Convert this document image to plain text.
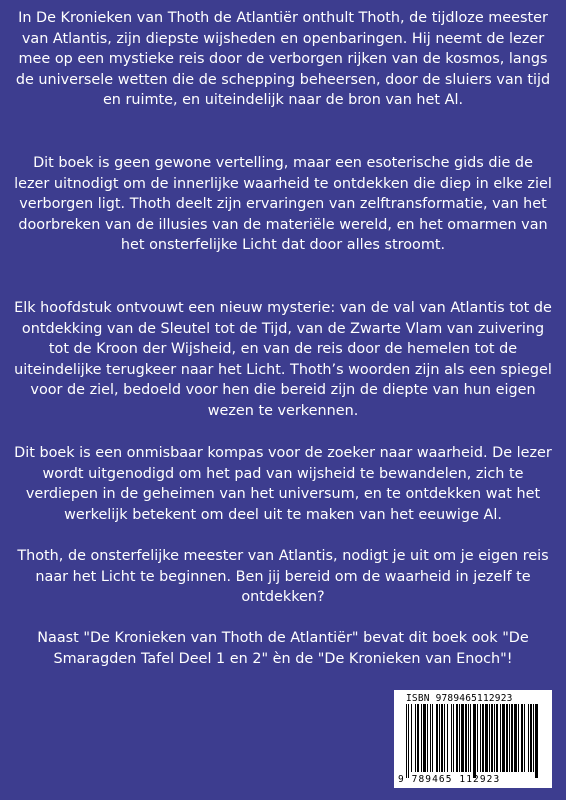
In De Kronieken van Thoth de Atlantiër onthult Thoth, de tijdloze meester van Atlantis, zijn diepste wijsheden en openbaringen. Hij neemt de lezer mee op een mystieke reis door de verborgen rijken van de kosmos, langs de universele wetten die de schepping beheersen, door de sluiers van tijd en ruimte, en uiteindelijk naar de bron van het Al.

Dit boek is geen gewone vertelling, maar een esoterische gids die de lezer uitnodigt om de innerlijke waarheid te ontdekken die diep in elke ziel verborgen ligt. Thoth deelt zijn ervaringen van zelftransformatie, van het doorbreken van de illusies van de materiële wereld, en het omarmen van het onsterfelijke Licht dat door alles stroomt.

Elk hoofdstuk ontvouwt een nieuw mysterie: van de val van Atlantis tot de ontdekking van de Sleutel tot de Tijd, van de Zwarte Vlam van zuivering tot de Kroon der Wijsheid, en van de reis door de hemelen tot de uiteindelijke terugkeer naar het Licht. Thoth’s woorden zijn als een spiegel voor de ziel, bedoeld voor hen die bereid zijn de diepte van hun eigen wezen te verkennen.

Dit boek is een onmisbaar kompas voor de zoeker naar waarheid. De lezer wordt uitgenodigd om het pad van wijsheid te bewandelen, zich te verdiepen in de geheimen van het universum, en te ontdekken wat het werkelijk betekent om deel uit te maken van het eeuwige Al.

Thoth, de onsterfelijke meester van Atlantis, nodigt je uit om je eigen reis naar het Licht te beginnen. Ben jij bereid om de waarheid in jezelf te ontdekken?

Naast "De Kronieken van Thoth de Atlantiër" bevat dit boek ook "De Smaragden Tafel Deel 1 en 2" èn de "De Kronieken van Enoch"!

ISBN 9789465112923
9 789465 112923
